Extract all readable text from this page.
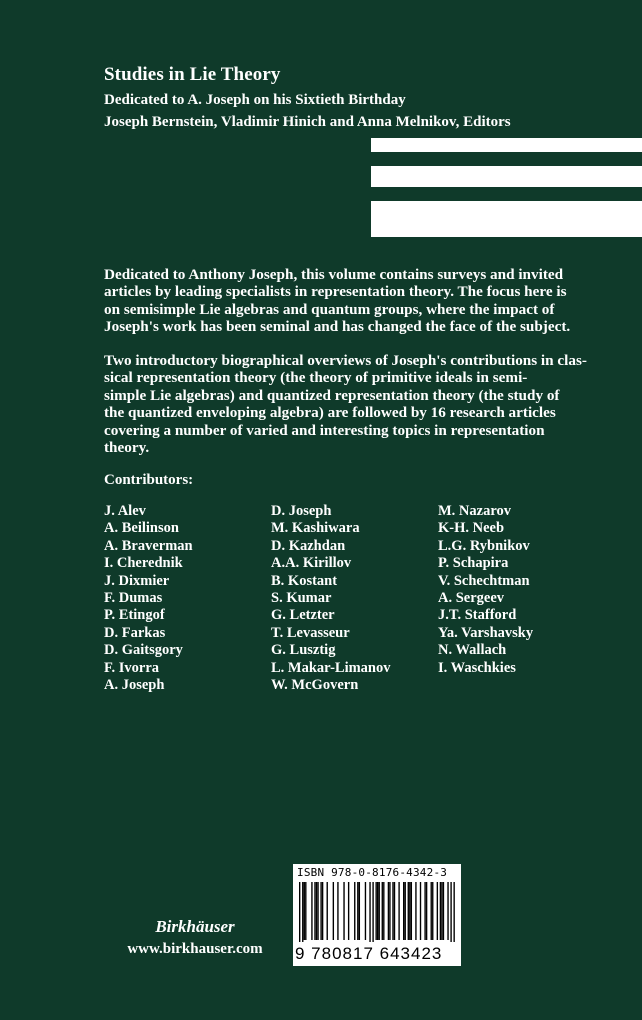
Studies in Lie Theory
Dedicated to A. Joseph on his Sixtieth Birthday
Joseph Bernstein, Vladimir Hinich and Anna Melnikov, Editors
Dedicated to Anthony Joseph, this volume contains surveys and invited
articles by leading specialists in representation theory. The focus here is
on semisimple Lie algebras and quantum groups, where the impact of
Joseph's work has been seminal and has changed the face of the subject.
Two introductory biographical overviews of Joseph's contributions in clas-
sical representation theory (the theory of primitive ideals in semi-
simple Lie algebras) and quantized representation theory (the study of
the quantized enveloping algebra) are followed by 16 research articles
covering a number of varied and interesting topics in representation
theory.
Contributors:
J. Alev
A. Beilinson
A. Braverman
I. Cherednik
J. Dixmier
F. Dumas
P. Etingof
D. Farkas
D. Gaitsgory
F. Ivorra
A. Joseph
D. Joseph
M. Kashiwara
D. Kazhdan
A.A. Kirillov
B. Kostant
S. Kumar
G. Letzter
T. Levasseur
G. Lusztig
L. Makar-Limanov
W. McGovern
M. Nazarov
K-H. Neeb
L.G. Rybnikov
P. Schapira
V. Schechtman
A. Sergeev
J.T. Stafford
Ya. Varshavsky
N. Wallach
I. Waschkies
Birkhäuser
www.birkhauser.com
ISBN 978-0-8176-4342-3
9 780817 643423
